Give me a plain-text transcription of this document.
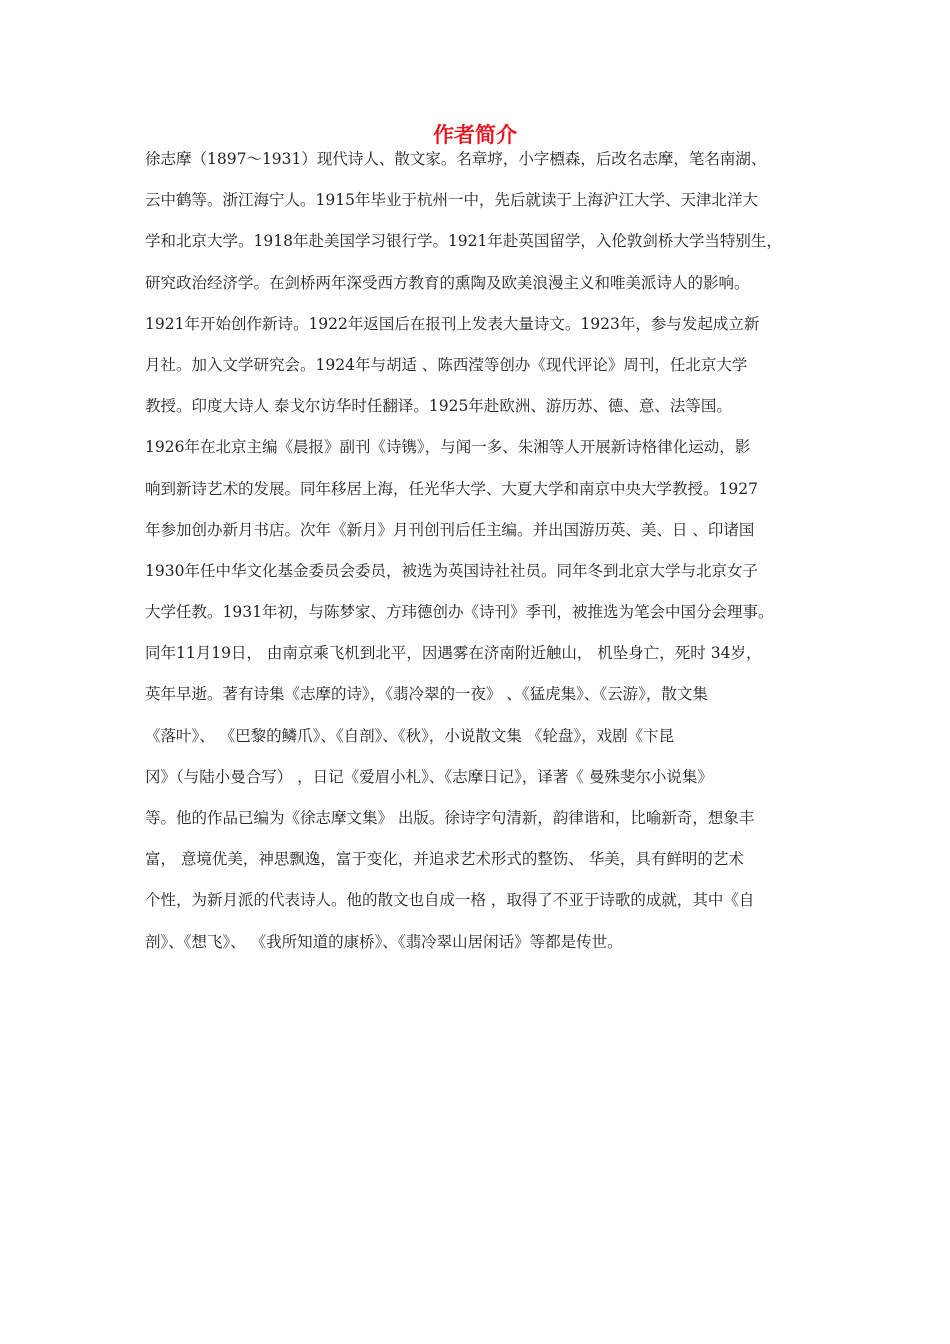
作者简介

徐志摩（1897～1931）现代诗人、散文家。名章垿，小字槱森，后改名志摩，笔名南湖、

云中鹤等。浙江海宁人。1915年毕业于杭州一中，先后就读于上海沪江大学、天津北洋大

学和北京大学。1918年赴美国学习银行学。1921年赴英国留学，入伦敦剑桥大学当特别生，

研究政治经济学。在剑桥两年深受西方教育的熏陶及欧美浪漫主义和唯美派诗人的影响。

1921年开始创作新诗。1922年返国后在报刊上发表大量诗文。1923年，参与发起成立新

月社。加入文学研究会。1924年与胡适 、陈西滢等创办《现代评论》周刊，任北京大学

教授。印度大诗人 泰戈尔访华时任翻译。1925年赴欧洲、游历苏、德、意、法等国。

1926年在北京主编《晨报》副刊《诗镌》，与闻一多、朱湘等人开展新诗格律化运动，影

响到新诗艺术的发展。同年移居上海，任光华大学、大夏大学和南京中央大学教授。1927

年参加创办新月书店。次年《新月》月刊创刊后任主编。并出国游历英、美、日 、印诸国

1930年任中华文化基金委员会委员，被选为英国诗社社员。同年冬到北京大学与北京女子

大学任教。1931年初，与陈梦家、方玮德创办《诗刊》季刊，被推选为笔会中国分会理事。

同年11月19日， 由南京乘飞机到北平，因遇雾在济南附近触山， 机坠身亡，死时 34岁，

英年早逝。著有诗集《志摩的诗》，《翡冷翠的一夜》 、《猛虎集》、《云游》，散文集

《落叶》、 《巴黎的鳞爪》、《自剖》、《秋》，小说散文集 《轮盘》，戏剧《卞昆

冈》（与陆小曼合写） ，日记《爱眉小札》、《志摩日记》，译著《 曼殊斐尔小说集》

等。他的作品已编为《徐志摩文集》 出版。徐诗字句清新，韵律谐和，比喻新奇，想象丰

富， 意境优美，神思飘逸，富于变化，并追求艺术形式的整饬、 华美，具有鲜明的艺术

个性，为新月派的代表诗人。他的散文也自成一格 ，取得了不亚于诗歌的成就，其中《自

剖》、《想飞》、 《我所知道的康桥》、《翡冷翠山居闲话》等都是传世。
